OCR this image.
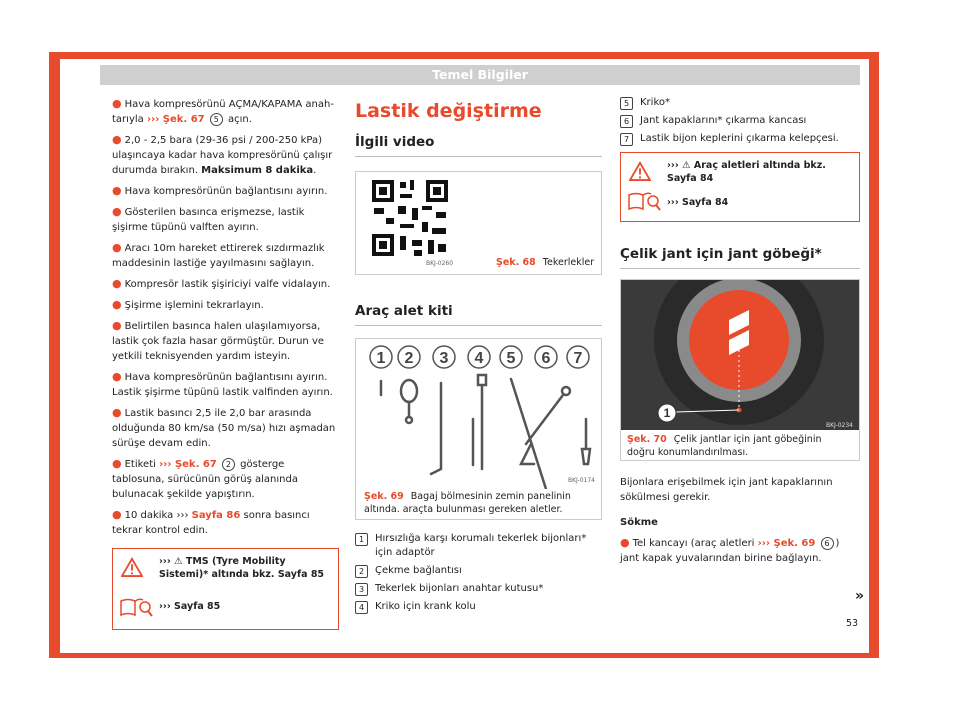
Temel Bilgiler

● Hava kompresörünü AÇMA/KAPAMA anah-tarıyla ››› Şek. 67 5 açın.

● 2,0 - 2,5 bara (29-36 psi / 200-250 kPa) ulaşıncaya kadar hava kompresörünü çalışır durumda bırakın. Maksimum 8 dakika.

● Hava kompresörünün bağlantısını ayırın.

● Gösterilen basınca erişmezse, lastik şişirme tüpünü valften ayırın.

● Aracı 10m hareket ettirerek sızdırmazlık maddesinin lastiğe yayılmasını sağlayın.

● Kompresör lastik şişiriciyi valfe vidalayın.

● Şişirme işlemini tekrarlayın.

● Belirtilen basınca halen ulaşılamıyorsa, lastik çok fazla hasar görmüştür. Durun ve yetkili teknisyenden yardım isteyin.

● Hava kompresörünün bağlantısını ayırın. Lastik şişirme tüpünü lastik valfinden ayırın.

● Lastik basıncı 2,5 ile 2,0 bar arasında olduğunda 80 km/sa (50 m/sa) hızı aşmadan sürüşe devam edin.

● Etiketi ››› Şek. 67 2 gösterge tablosuna, sürücünün görüş alanında bulunacak şekilde yapıştırın.

● 10 dakika ››› Sayfa 86 sonra basıncı tekrar kontrol edin.

››› ⚠ TMS (Tyre Mobility Sistemi)* altında bkz. Sayfa 85
››› Sayfa 85
Lastik değiştirme
İlgili video
BKJ-0260	Şek. 68 Tekerlekler
Araç alet kiti
1 2 3 4 5 6 7
BKJ-0174
Şek. 69 Bagaj bölmesinin zemin panelinin altında. araçta bulunması gereken aletler.
1	Hırsızlığa karşı korumalı tekerlek bijonları* için adaptör
2	Çekme bağlantısı
3	Tekerlek bijonları anahtar kutusu*
4	Kriko için krank kolu
5	Kriko*
6	Jant kapaklarını* çıkarma kancası
7	Lastik bijon keplerini çıkarma kelepçesi.
››› ⚠ Araç aletleri altında bkz. Sayfa 84
››› Sayfa 84
Çelik jant için jant göbeği*
1
BKJ-0234
Şek. 70 Çelik jantlar için jant göbeğinin doğru konumlandırılması.

Bijonlara erişebilmek için jant kapaklarının sökülmesi gerekir.

Sökme

● Tel kancayı (araç aletleri ››› Şek. 69 6 ) jant kapak yuvalarından birine bağlayın.

»
53
